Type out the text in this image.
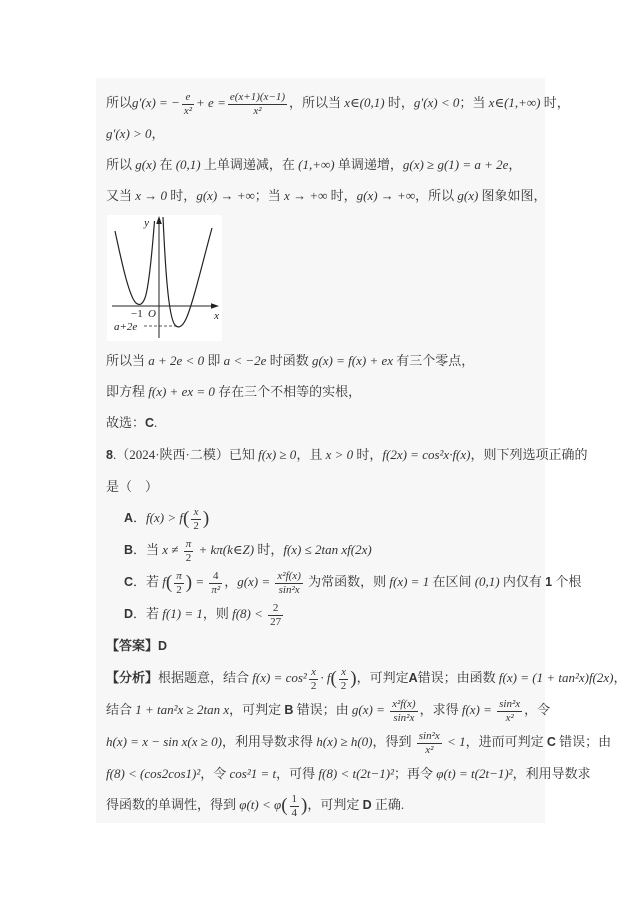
所以g′(x) = − $\frac{e}{\text{x²}} + e = \frac{e(x+1)(x-1)}{\text{x²}}$ ，所以当 x∈(0,1) 时，g′(x) < 0；当 x∈(1,+∞) 时，
g′(x) > 0，
所以 g(x) 在 (0,1) 上单调递减，在 (1,+∞) 单调递增，g(x) ≥ g(1) = a + 2e，
又当 x → 0 时，g(x) → +∞；当 x → +∞ 时，g(x) → +∞，所以 g(x) 图象如图，
y
x
O
−1
a+2e
所以当 a + 2e < 0 即 a < −2e 时函数 g(x) = f(x) + ex 有三个零点，
即方程 f(x) + ex = 0 存在三个不相等的实根，
故选：C.
8.（2024·陕西·二模）已知 f(x) ≥ 0，且 x > 0 时，f(2x) = cos²x·f(x)，则下列选项正确的
是（　）
A．$f(x) > f( \frac{x}{2}$ )
B．当 $x \ne \frac{\pi}{2}$ + kπ(k∈Z) 时，f(x) ≤ 2tan xf(2x)
C．若 $f( \frac{\pi}{2}$ ) = $\frac{4}{\text{π²}}$ ，$g(x) = \frac{\text{x²f(x)}}{\text{sin²x}}$ 为常函数，则 f(x) = 1 在区间 (0,1) 内仅有 1 个根
D．若 f(1) = 1，则 $f(8) < \frac{2}{27}$
【答案】D
【分析】根据题意，结合 $f(x) = \cos^2 \frac{x}{2} \cdot f( \frac{x}{2}$ )，可判定A错误；由函数 f(x) = (1 + tan²x)f(2x)，
结合 1 + tan²x ≥ 2tan x，可判定 B 错误；由 $g(x) = \frac{\text{x²f(x)}}{\text{sin²x}}$ ，求得 $f(x) = \frac{\text{sin²x}}{\text{x²}}$ ，令
h(x) = x − sin x(x ≥ 0)，利用导数求得 h(x) ≥ h(0)，得到 $\frac{\text{sin²x}}{\text{x²}} < 1$，进而可判定 C 错误；由
f(8) < (cos2cos1)²，令 cos²1 = t，可得 f(8) < t(2t−1)²；再令 φ(t) = t(2t−1)²，利用导数求
得函数的单调性，得到 $\varphi(t) < \varphi( \frac{1}{4}$ )，可判定 D 正确.
